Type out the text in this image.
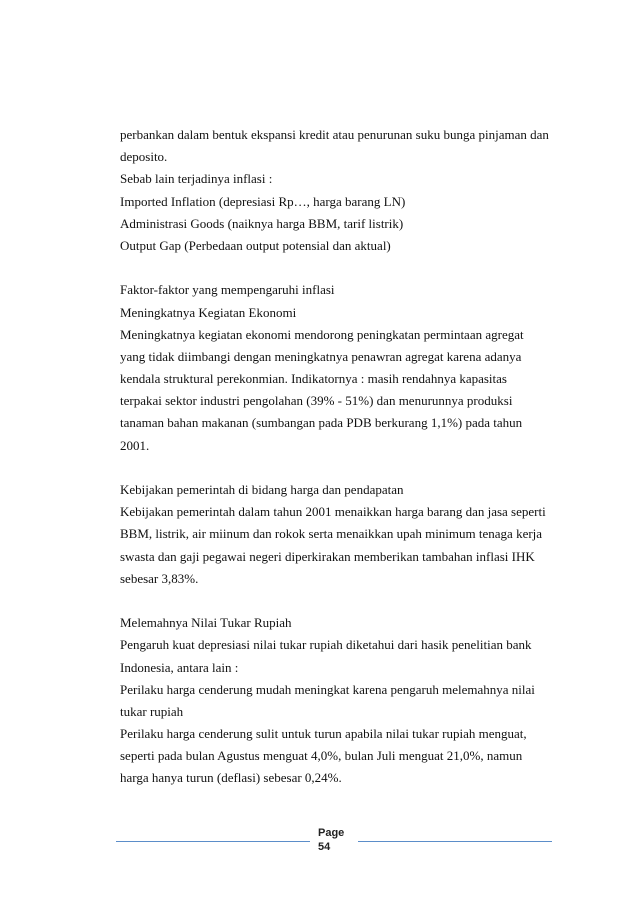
perbankan dalam bentuk ekspansi kredit atau penurunan suku bunga pinjaman dan
deposito.
Sebab lain terjadinya inflasi :
Imported Inflation (depresiasi Rp…, harga barang LN)
Administrasi Goods (naiknya harga BBM, tarif listrik)
Output Gap (Perbedaan output potensial dan aktual)
Faktor-faktor yang mempengaruhi inflasi
Meningkatnya Kegiatan Ekonomi
Meningkatnya kegiatan ekonomi mendorong peningkatan permintaan agregat
yang tidak diimbangi dengan meningkatnya penawran agregat karena adanya
kendala struktural perekonmian. Indikatornya : masih rendahnya kapasitas
terpakai sektor industri pengolahan (39% - 51%) dan menurunnya produksi
tanaman bahan makanan (sumbangan pada PDB berkurang 1,1%) pada tahun
2001.
Kebijakan pemerintah di bidang harga dan pendapatan
Kebijakan pemerintah dalam tahun 2001 menaikkan harga barang dan jasa seperti
BBM, listrik, air miinum dan rokok serta menaikkan upah minimum tenaga kerja
swasta dan gaji pegawai negeri diperkirakan memberikan tambahan inflasi IHK
sebesar 3,83%.
Melemahnya Nilai Tukar Rupiah
Pengaruh kuat depresiasi nilai tukar rupiah diketahui dari hasik penelitian bank
Indonesia, antara lain :
Perilaku harga cenderung mudah meningkat karena pengaruh melemahnya nilai
tukar rupiah
Perilaku harga cenderung sulit untuk turun apabila nilai tukar rupiah menguat,
seperti pada bulan Agustus menguat 4,0%, bulan Juli menguat 21,0%, namun
harga hanya turun (deflasi) sebesar 0,24%.
Page
54
